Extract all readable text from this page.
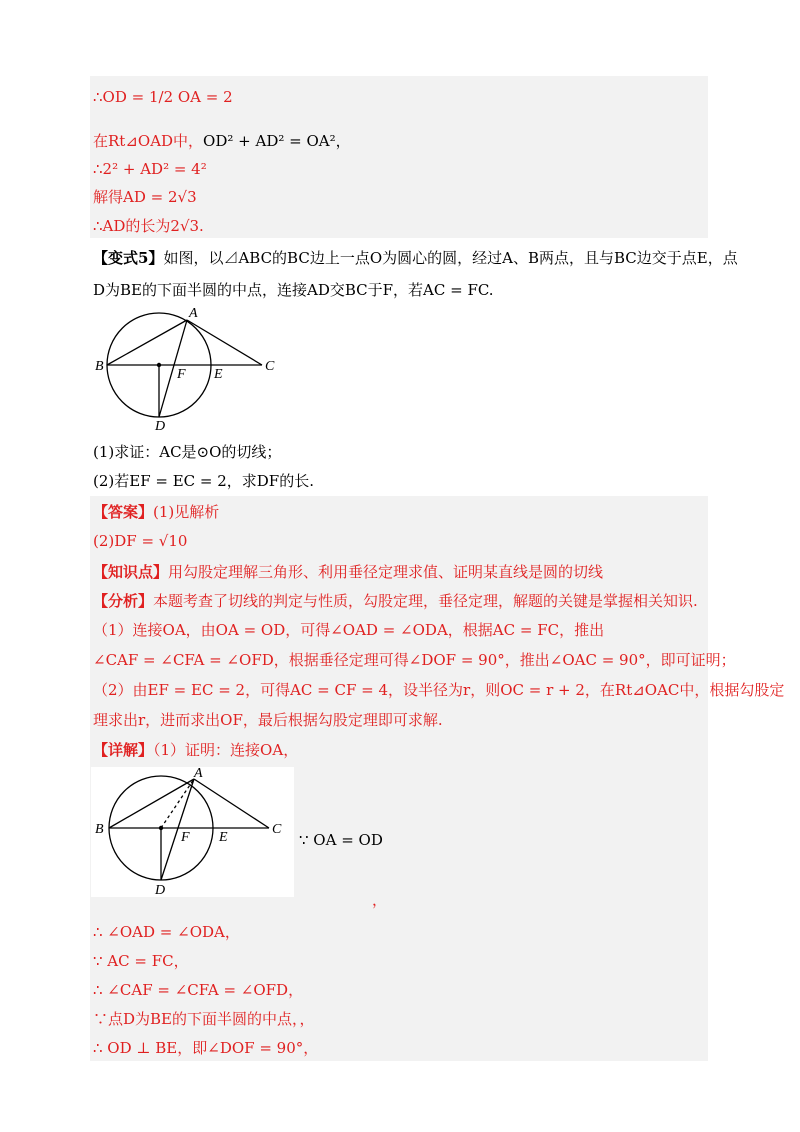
∴OD = 1/2 OA = 2
在Rt⊿OAD中，OD² + AD² = OA²，
∴2² + AD² = 4²
解得AD = 2√3
∴AD的长为2√3.
【变式5】如图，以⊿ABC的BC边上一点O为圆心的圆，经过A、B两点，且与BC边交于点E，点
D为BE的下面半圆的中点，连接AD交BC于F，若AC = FC.
A
B	C
D
E
F
(1)求证：AC是⊙O的切线；
(2)若EF = EC = 2，求DF的长.
【答案】(1)见解析
(2)DF = √10
【知识点】用勾股定理解三角形、利用垂径定理求值、证明某直线是圆的切线
【分析】本题考查了切线的判定与性质，勾股定理，垂径定理，解题的关键是掌握相关知识.
（1）连接OA，由OA = OD，可得∠OAD = ∠ODA，根据AC = FC，推出
∠CAF = ∠CFA = ∠OFD，根据垂径定理可得∠DOF = 90°，推出∠OAC = 90°，即可证明；
（2）由EF = EC = 2，可得AC = CF = 4，设半径为r，则OC = r + 2，在Rt⊿OAC中，根据勾股定
理求出r，进而求出OF，最后根据勾股定理即可求解.
【详解】（1）证明：连接OA，
A
B	C
D
E
F	∵ OA = OD
，
∴ ∠OAD = ∠ODA，
∵ AC = FC，
∴ ∠CAF = ∠CFA = ∠OFD，
∵点D为BE的下面半圆的中点，，
∴ OD ⊥ BE，即∠DOF = 90°，
